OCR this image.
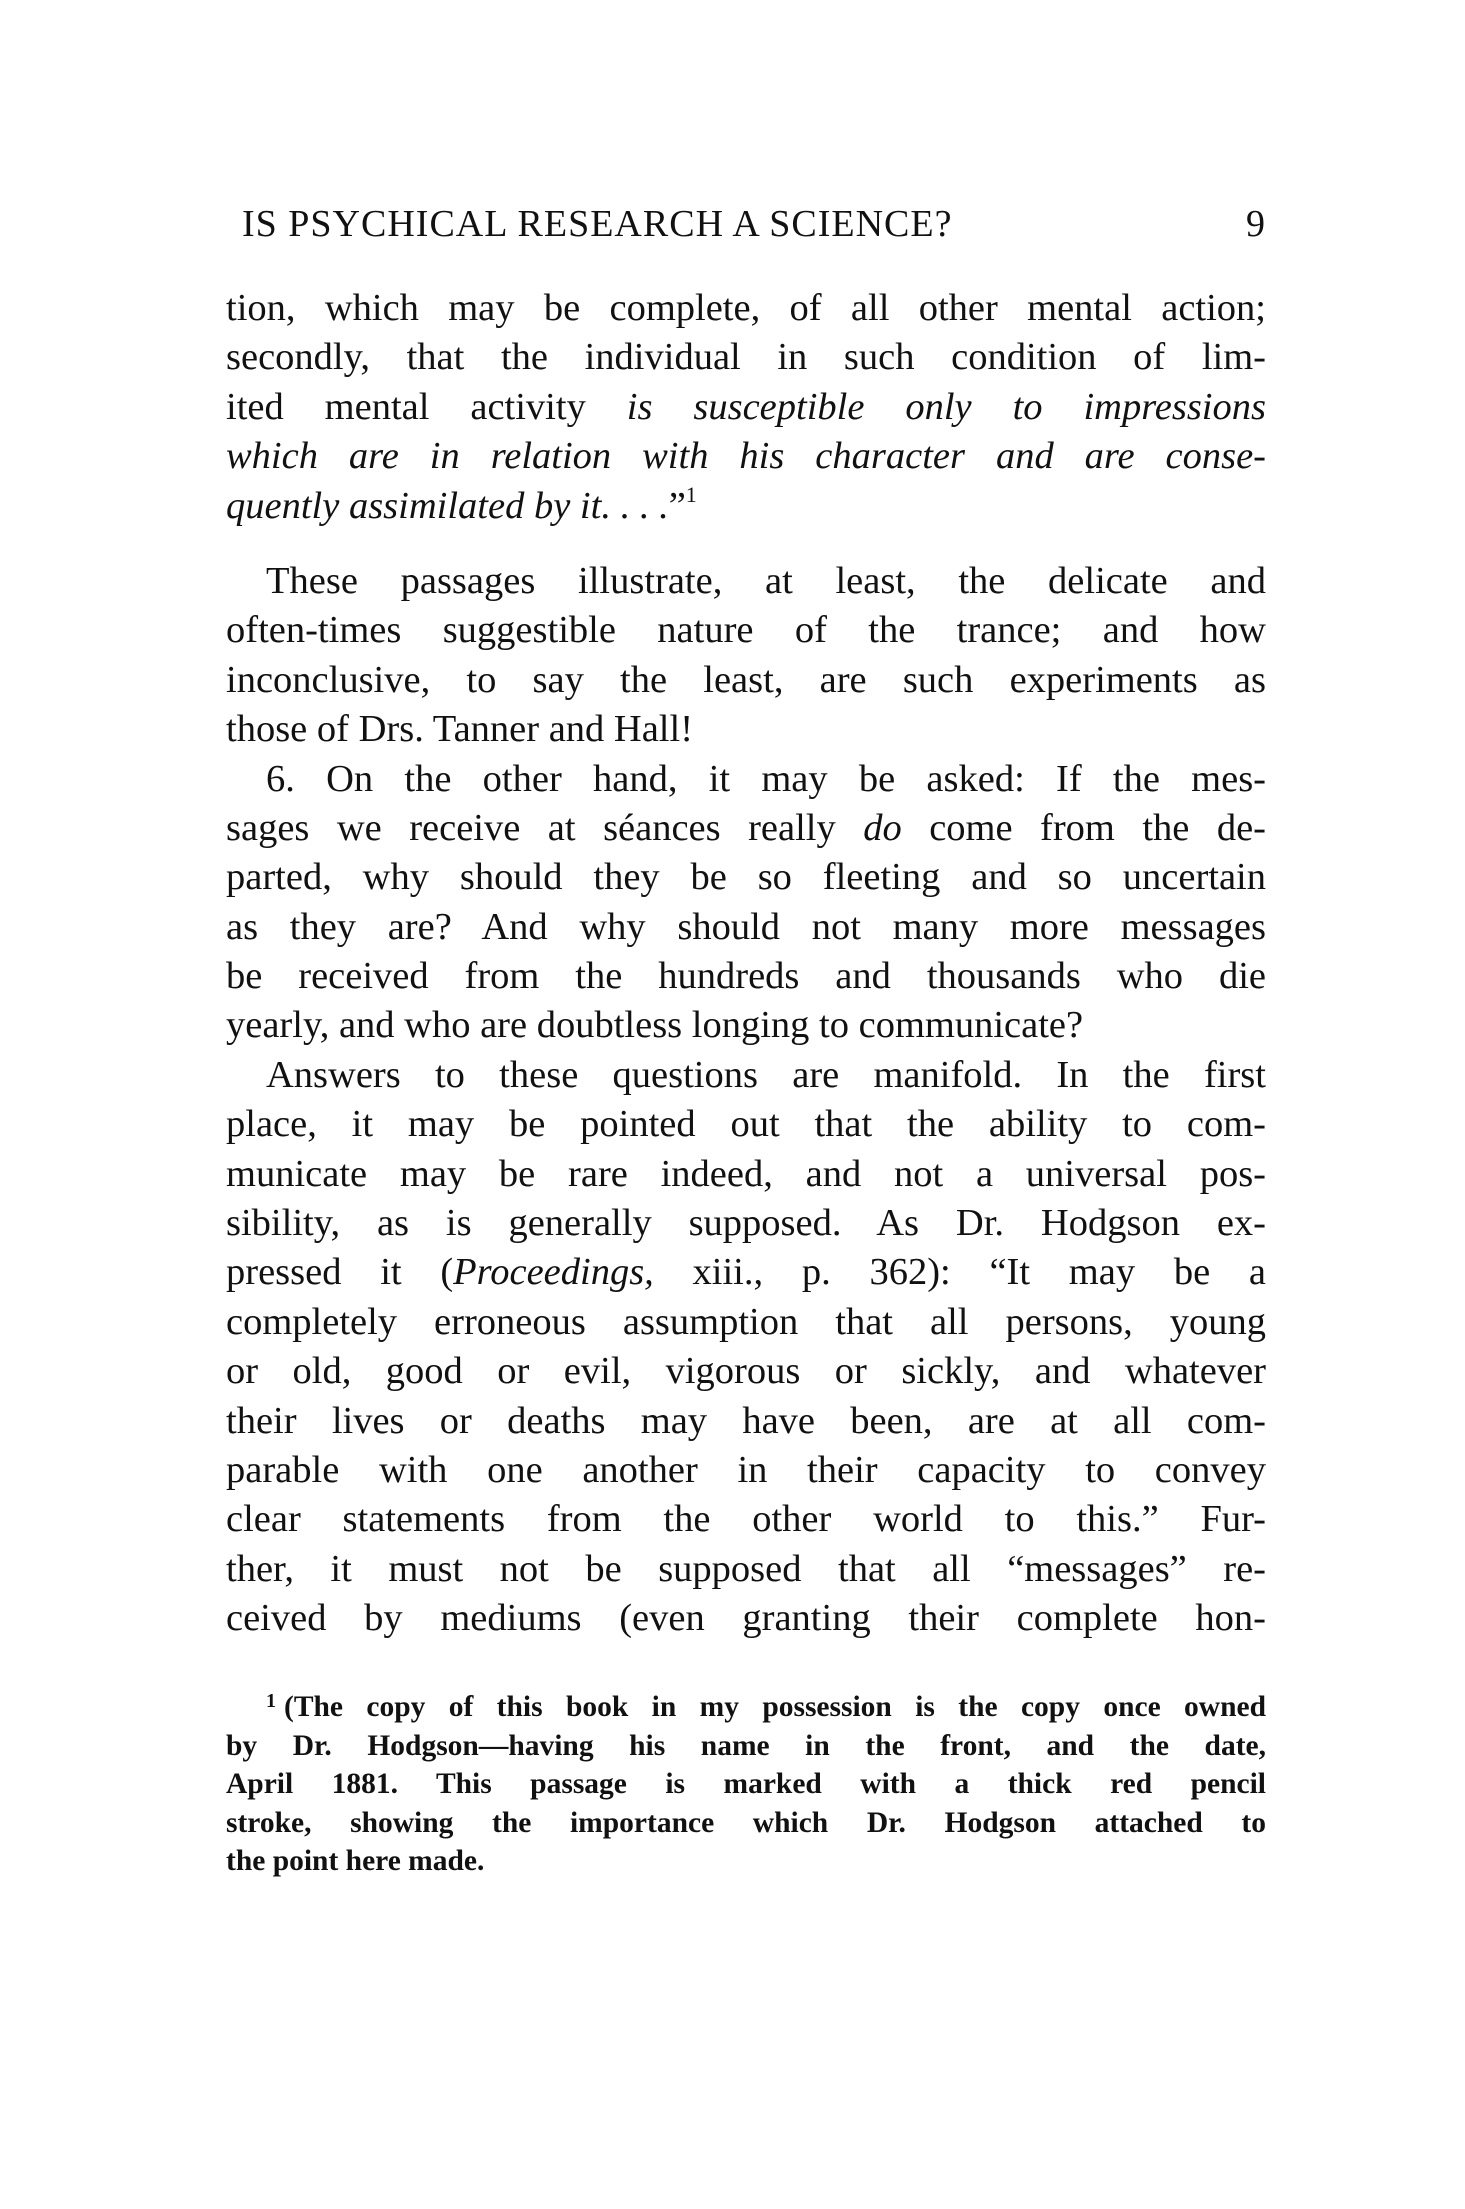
IS PSYCHICAL RESEARCH A SCIENCE?	9
tion, which may be complete, of all other mental action;
secondly, that the individual in such condition of lim-
ited mental activity is susceptible only to impressions
which are in relation with his character and are conse-
quently assimilated by it. . . .”$^1$
These passages illustrate, at least, the delicate and
often-times suggestible nature of the trance; and how
inconclusive, to say the least, are such experiments as
those of Drs. Tanner and Hall!
6. On the other hand, it may be asked: If the mes-
sages we receive at séances really do come from the de-
parted, why should they be so fleeting and so uncertain
as they are? And why should not many more messages
be received from the hundreds and thousands who die
yearly, and who are doubtless longing to communicate?
Answers to these questions are manifold. In the first
place, it may be pointed out that the ability to com-
municate may be rare indeed, and not a universal pos-
sibility, as is generally supposed. As Dr. Hodgson ex-
pressed it (Proceedings, xiii., p. 362): “It may be a
completely erroneous assumption that all persons, young
or old, good or evil, vigorous or sickly, and whatever
their lives or deaths may have been, are at all com-
parable with one another in their capacity to convey
clear statements from the other world to this.” Fur-
ther, it must not be supposed that all “messages” re-
ceived by mediums (even granting their complete hon-
$^1$ (The copy of this book in my possession is the copy once owned
by Dr. Hodgson—having his name in the front, and the date,
April 1881. This passage is marked with a thick red pencil
stroke, showing the importance which Dr. Hodgson attached to
the point here made.
